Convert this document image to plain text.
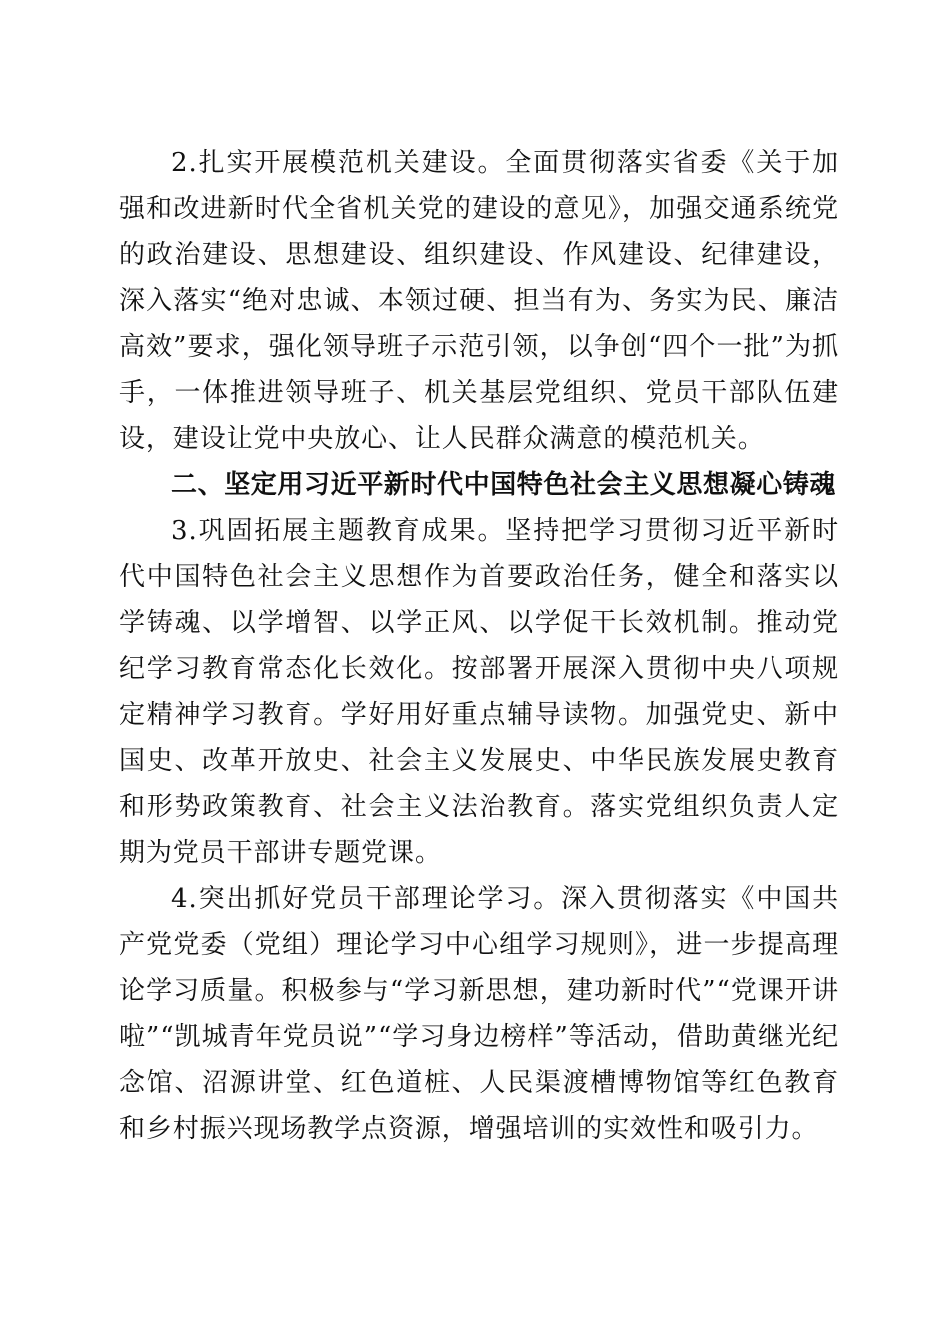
2.扎实开展模范机关建设。全面贯彻落实省委《关于加强和改进新时代全省机关党的建设的意见》，加强交通系统党的政治建设、思想建设、组织建设、作风建设、纪律建设，深入落实“绝对忠诚、本领过硬、担当有为、务实为民、廉洁高效”要求，强化领导班子示范引领，以争创“四个一批”为抓手，一体推进领导班子、机关基层党组织、党员干部队伍建设，建设让党中央放心、让人民群众满意的模范机关。

二、坚定用习近平新时代中国特色社会主义思想凝心铸魂

3.巩固拓展主题教育成果。坚持把学习贯彻习近平新时代中国特色社会主义思想作为首要政治任务，健全和落实以学铸魂、以学增智、以学正风、以学促干长效机制。推动党纪学习教育常态化长效化。按部署开展深入贯彻中央八项规定精神学习教育。学好用好重点辅导读物。加强党史、新中国史、改革开放史、社会主义发展史、中华民族发展史教育和形势政策教育、社会主义法治教育。落实党组织负责人定期为党员干部讲专题党课。

4.突出抓好党员干部理论学习。深入贯彻落实《中国共产党党委（党组）理论学习中心组学习规则》，进一步提高理论学习质量。积极参与“学习新思想，建功新时代”“党课开讲啦”“凯城青年党员说”“学习身边榜样”等活动，借助黄继光纪念馆、沼源讲堂、红色道桩、人民渠渡槽博物馆等红色教育和乡村振兴现场教学点资源，增强培训的实效性和吸引力。
